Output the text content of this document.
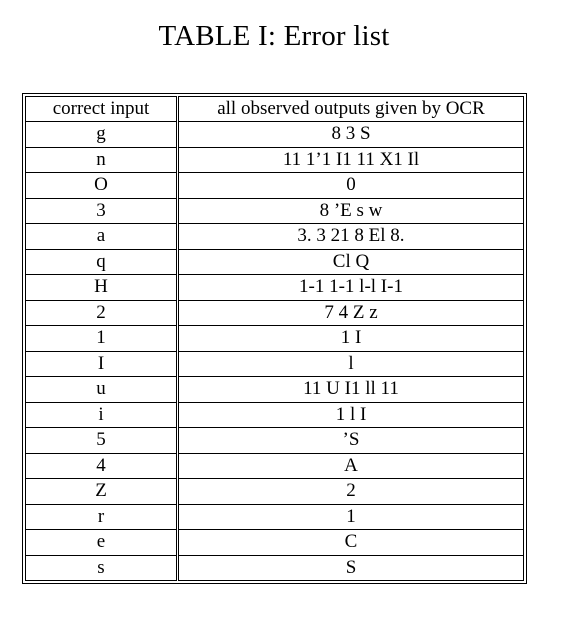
TABLE I: Error list
correct input	all observed outputs given by OCR
g	8 3 S
n	11 1’1 I1 11 X1 Il
O	0
3	8 ’E s w
a	3. 3 21 8 El 8.
q	Cl Q
H	1-1 1-1 l-l I-1
2	7 4 Z z
1	1 I
I	l
u	11 U I1 ll 11
i	1 l I
5	’S
4	A
Z	2
r	1
e	C
s	S
